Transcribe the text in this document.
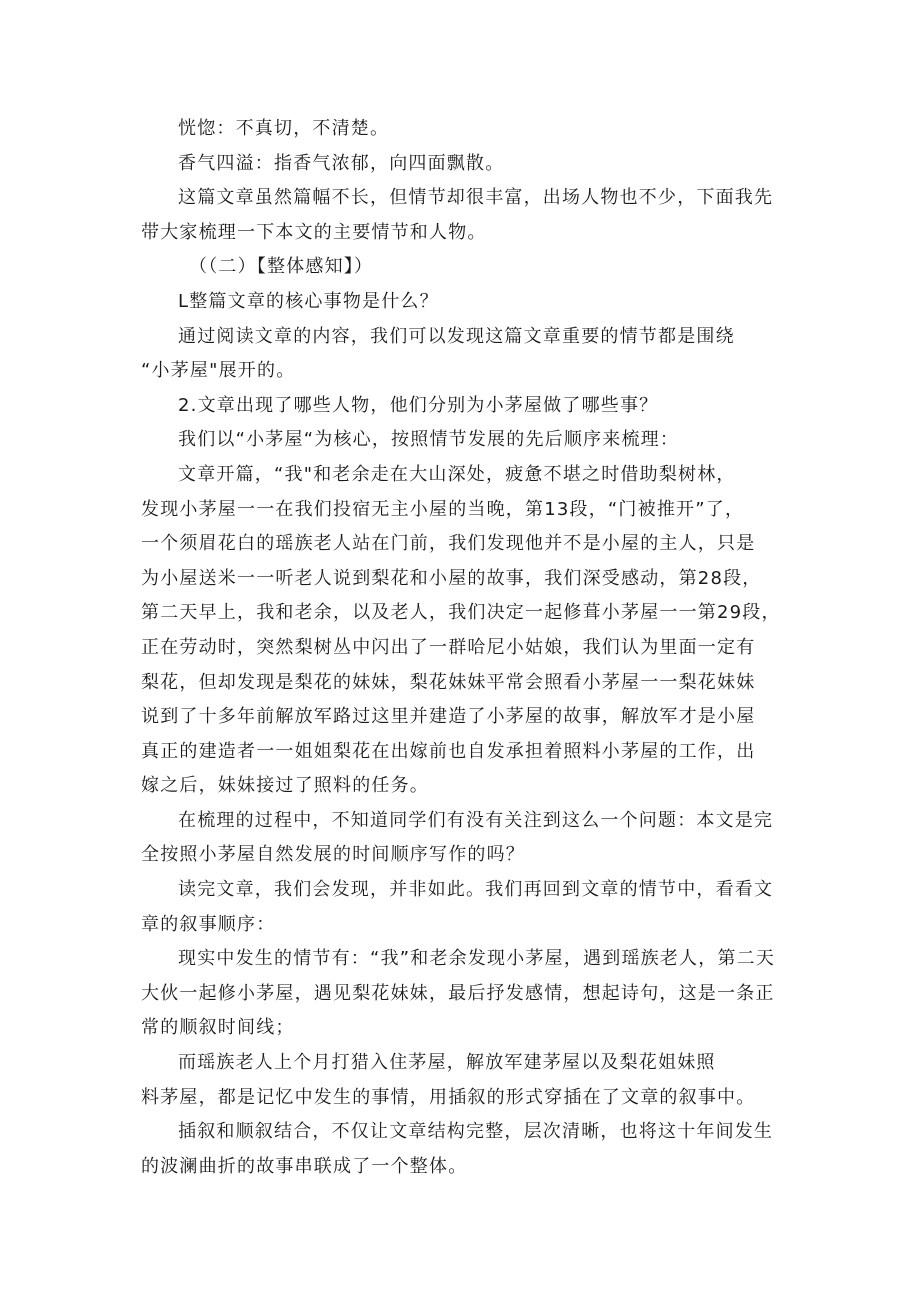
恍惚：不真切，不清楚。

香气四溢：指香气浓郁，向四面飘散。

这篇文章虽然篇幅不长，但情节却很丰富，出场人物也不少，下面我先带大家梳理一下本文的主要情节和人物。

（（二）【整体感知】）

L整篇文章的核心事物是什么？

通过阅读文章的内容，我们可以发现这篇文章重要的情节都是围绕
“小茅屋"展开的。

2.文章出现了哪些人物，他们分别为小茅屋做了哪些事？

我们以“小茅屋“为核心，按照情节发展的先后顺序来梳理：

文章开篇，“我"和老余走在大山深处，疲惫不堪之时借助梨树林，
发现小茅屋一一在我们投宿无主小屋的当晚，第13段，“门被推开”了，
一个须眉花白的瑶族老人站在门前，我们发现他并不是小屋的主人，只是
为小屋送米一一听老人说到梨花和小屋的故事，我们深受感动，第28段，
第二天早上，我和老余，以及老人，我们决定一起修葺小茅屋一一第29段，
正在劳动时，突然梨树丛中闪出了一群哈尼小姑娘，我们认为里面一定有
梨花，但却发现是梨花的妹妹，梨花妹妹平常会照看小茅屋一一梨花妹妹
说到了十多年前解放军路过这里并建造了小茅屋的故事，解放军才是小屋
真正的建造者一一姐姐梨花在出嫁前也自发承担着照料小茅屋的工作，出
嫁之后，妹妹接过了照料的任务。

在梳理的过程中，不知道同学们有没有关注到这么一个问题：本文是完全按照小茅屋自然发展的时间顺序写作的吗？

读完文章，我们会发现，并非如此。我们再回到文章的情节中，看看文章的叙事顺序：

现实中发生的情节有：“我”和老余发现小茅屋，遇到瑶族老人，第二天大伙一起修小茅屋，遇见梨花妹妹，最后抒发感情，想起诗句，这是一条正常的顺叙时间线；

而瑶族老人上个月打猎入住茅屋，解放军建茅屋以及梨花姐妹照
料茅屋，都是记忆中发生的事情，用插叙的形式穿插在了文章的叙事中。

插叙和顺叙结合，不仅让文章结构完整，层次清晰，也将这十年间发生的波澜曲折的故事串联成了一个整体。
